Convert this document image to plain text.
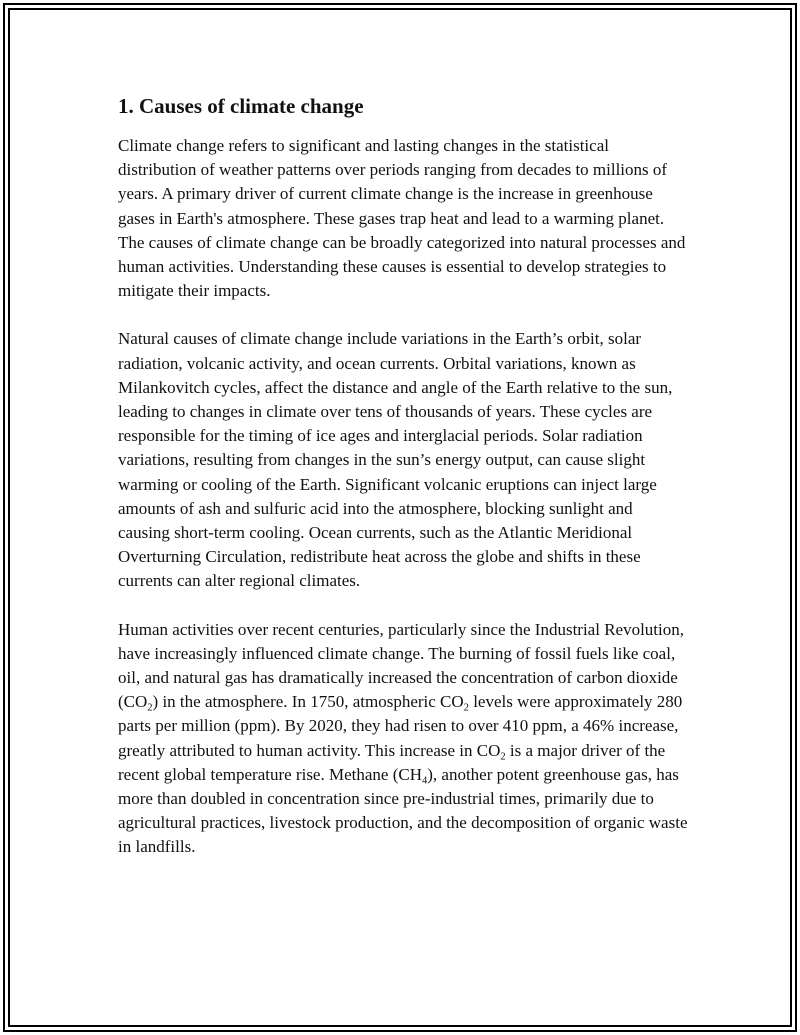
1. Causes of climate change

Climate change refers to significant and lasting changes in the statistical distribution of weather patterns over periods ranging from decades to millions of years. A primary driver of current climate change is the increase in greenhouse gases in Earth's atmosphere. These gases trap heat and lead to a warming planet. The causes of climate change can be broadly categorized into natural processes and human activities. Understanding these causes is essential to develop strategies to mitigate their impacts.

Natural causes of climate change include variations in the Earth’s orbit, solar radiation, volcanic activity, and ocean currents. Orbital variations, known as Milankovitch cycles, affect the distance and angle of the Earth relative to the sun, leading to changes in climate over tens of thousands of years. These cycles are responsible for the timing of ice ages and interglacial periods. Solar radiation variations, resulting from changes in the sun’s energy output, can cause slight warming or cooling of the Earth. Significant volcanic eruptions can inject large amounts of ash and sulfuric acid into the atmosphere, blocking sunlight and causing short-term cooling. Ocean currents, such as the Atlantic Meridional Overturning Circulation, redistribute heat across the globe and shifts in these currents can alter regional climates.

Human activities over recent centuries, particularly since the Industrial Revolution, have increasingly influenced climate change. The burning of fossil fuels like coal, oil, and natural gas has dramatically increased the concentration of carbon dioxide $(CO_2)$ in the atmosphere. In 1750, atmospheric $CO_2$ levels were approximately 280 parts per million (ppm). By 2020, they had risen to over 410 ppm, a 46% increase, greatly attributed to human activity. This increase in $CO_2$ is a major driver of the recent global temperature rise. Methane $(CH_4)$, another potent greenhouse gas, has more than doubled in concentration since pre-industrial times, primarily due to agricultural practices, livestock production, and the decomposition of organic waste in landfills.
